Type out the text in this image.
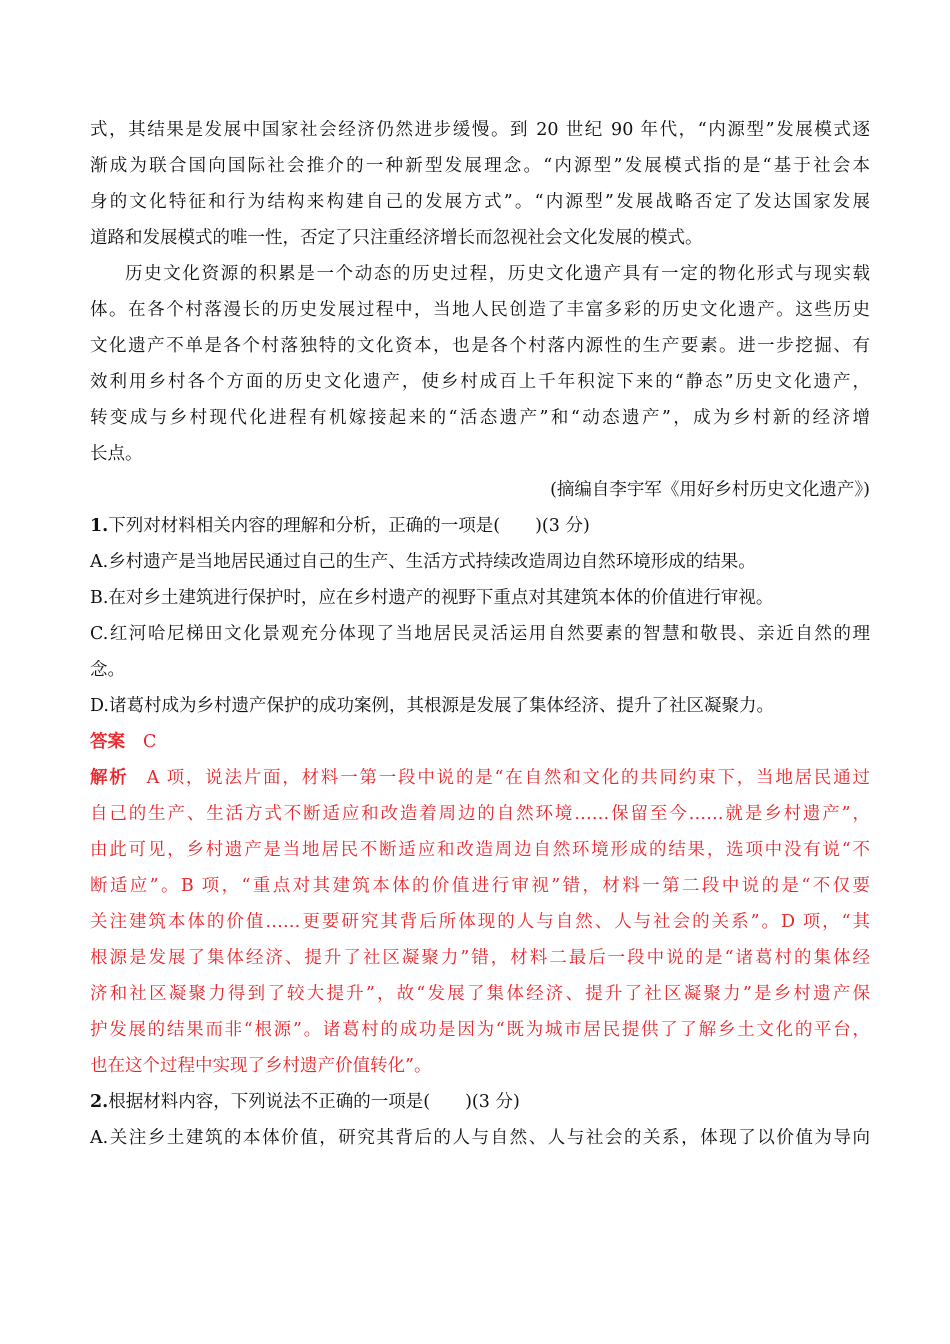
式，其结果是发展中国家社会经济仍然进步缓慢。到 20 世纪 90 年代，“内源型”发展模式逐
渐成为联合国向国际社会推介的一种新型发展理念。“内源型”发展模式指的是“基于社会本
身的文化特征和行为结构来构建自己的发展方式”。“内源型”发展战略否定了发达国家发展
道路和发展模式的唯一性，否定了只注重经济增长而忽视社会文化发展的模式。
历史文化资源的积累是一个动态的历史过程，历史文化遗产具有一定的物化形式与现实载
体。在各个村落漫长的历史发展过程中，当地人民创造了丰富多彩的历史文化遗产。这些历史
文化遗产不单是各个村落独特的文化资本，也是各个村落内源性的生产要素。进一步挖掘、有
效利用乡村各个方面的历史文化遗产，使乡村成百上千年积淀下来的“静态”历史文化遗产，
转变成与乡村现代化进程有机嫁接起来的“活态遗产”和“动态遗产”，成为乡村新的经济增
长点。
(摘编自李宇军《用好乡村历史文化遗产》)
1.下列对材料相关内容的理解和分析，正确的一项是(　　)(3 分)
A.乡村遗产是当地居民通过自己的生产、生活方式持续改造周边自然环境形成的结果。
B.在对乡土建筑进行保护时，应在乡村遗产的视野下重点对其建筑本体的价值进行审视。
C.红河哈尼梯田文化景观充分体现了当地居民灵活运用自然要素的智慧和敬畏、亲近自然的理
念。
D.诸葛村成为乡村遗产保护的成功案例，其根源是发展了集体经济、提升了社区凝聚力。
答案 C
解析 A 项，说法片面，材料一第一段中说的是“在自然和文化的共同约束下，当地居民通过
自己的生产、生活方式不断适应和改造着周边的自然环境……保留至今……就是乡村遗产”，
由此可见，乡村遗产是当地居民不断适应和改造周边自然环境形成的结果，选项中没有说“不
断适应”。B 项，“重点对其建筑本体的价值进行审视”错，材料一第二段中说的是“不仅要
关注建筑本体的价值……更要研究其背后所体现的人与自然、人与社会的关系”。D 项，“其
根源是发展了集体经济、提升了社区凝聚力”错，材料二最后一段中说的是“诸葛村的集体经
济和社区凝聚力得到了较大提升”，故“发展了集体经济、提升了社区凝聚力”是乡村遗产保
护发展的结果而非“根源”。诸葛村的成功是因为“既为城市居民提供了了解乡土文化的平台，
也在这个过程中实现了乡村遗产价值转化”。
2.根据材料内容，下列说法不正确的一项是(　　)(3 分)
A.关注乡土建筑的本体价值，研究其背后的人与自然、人与社会的关系，体现了以价值为导向
